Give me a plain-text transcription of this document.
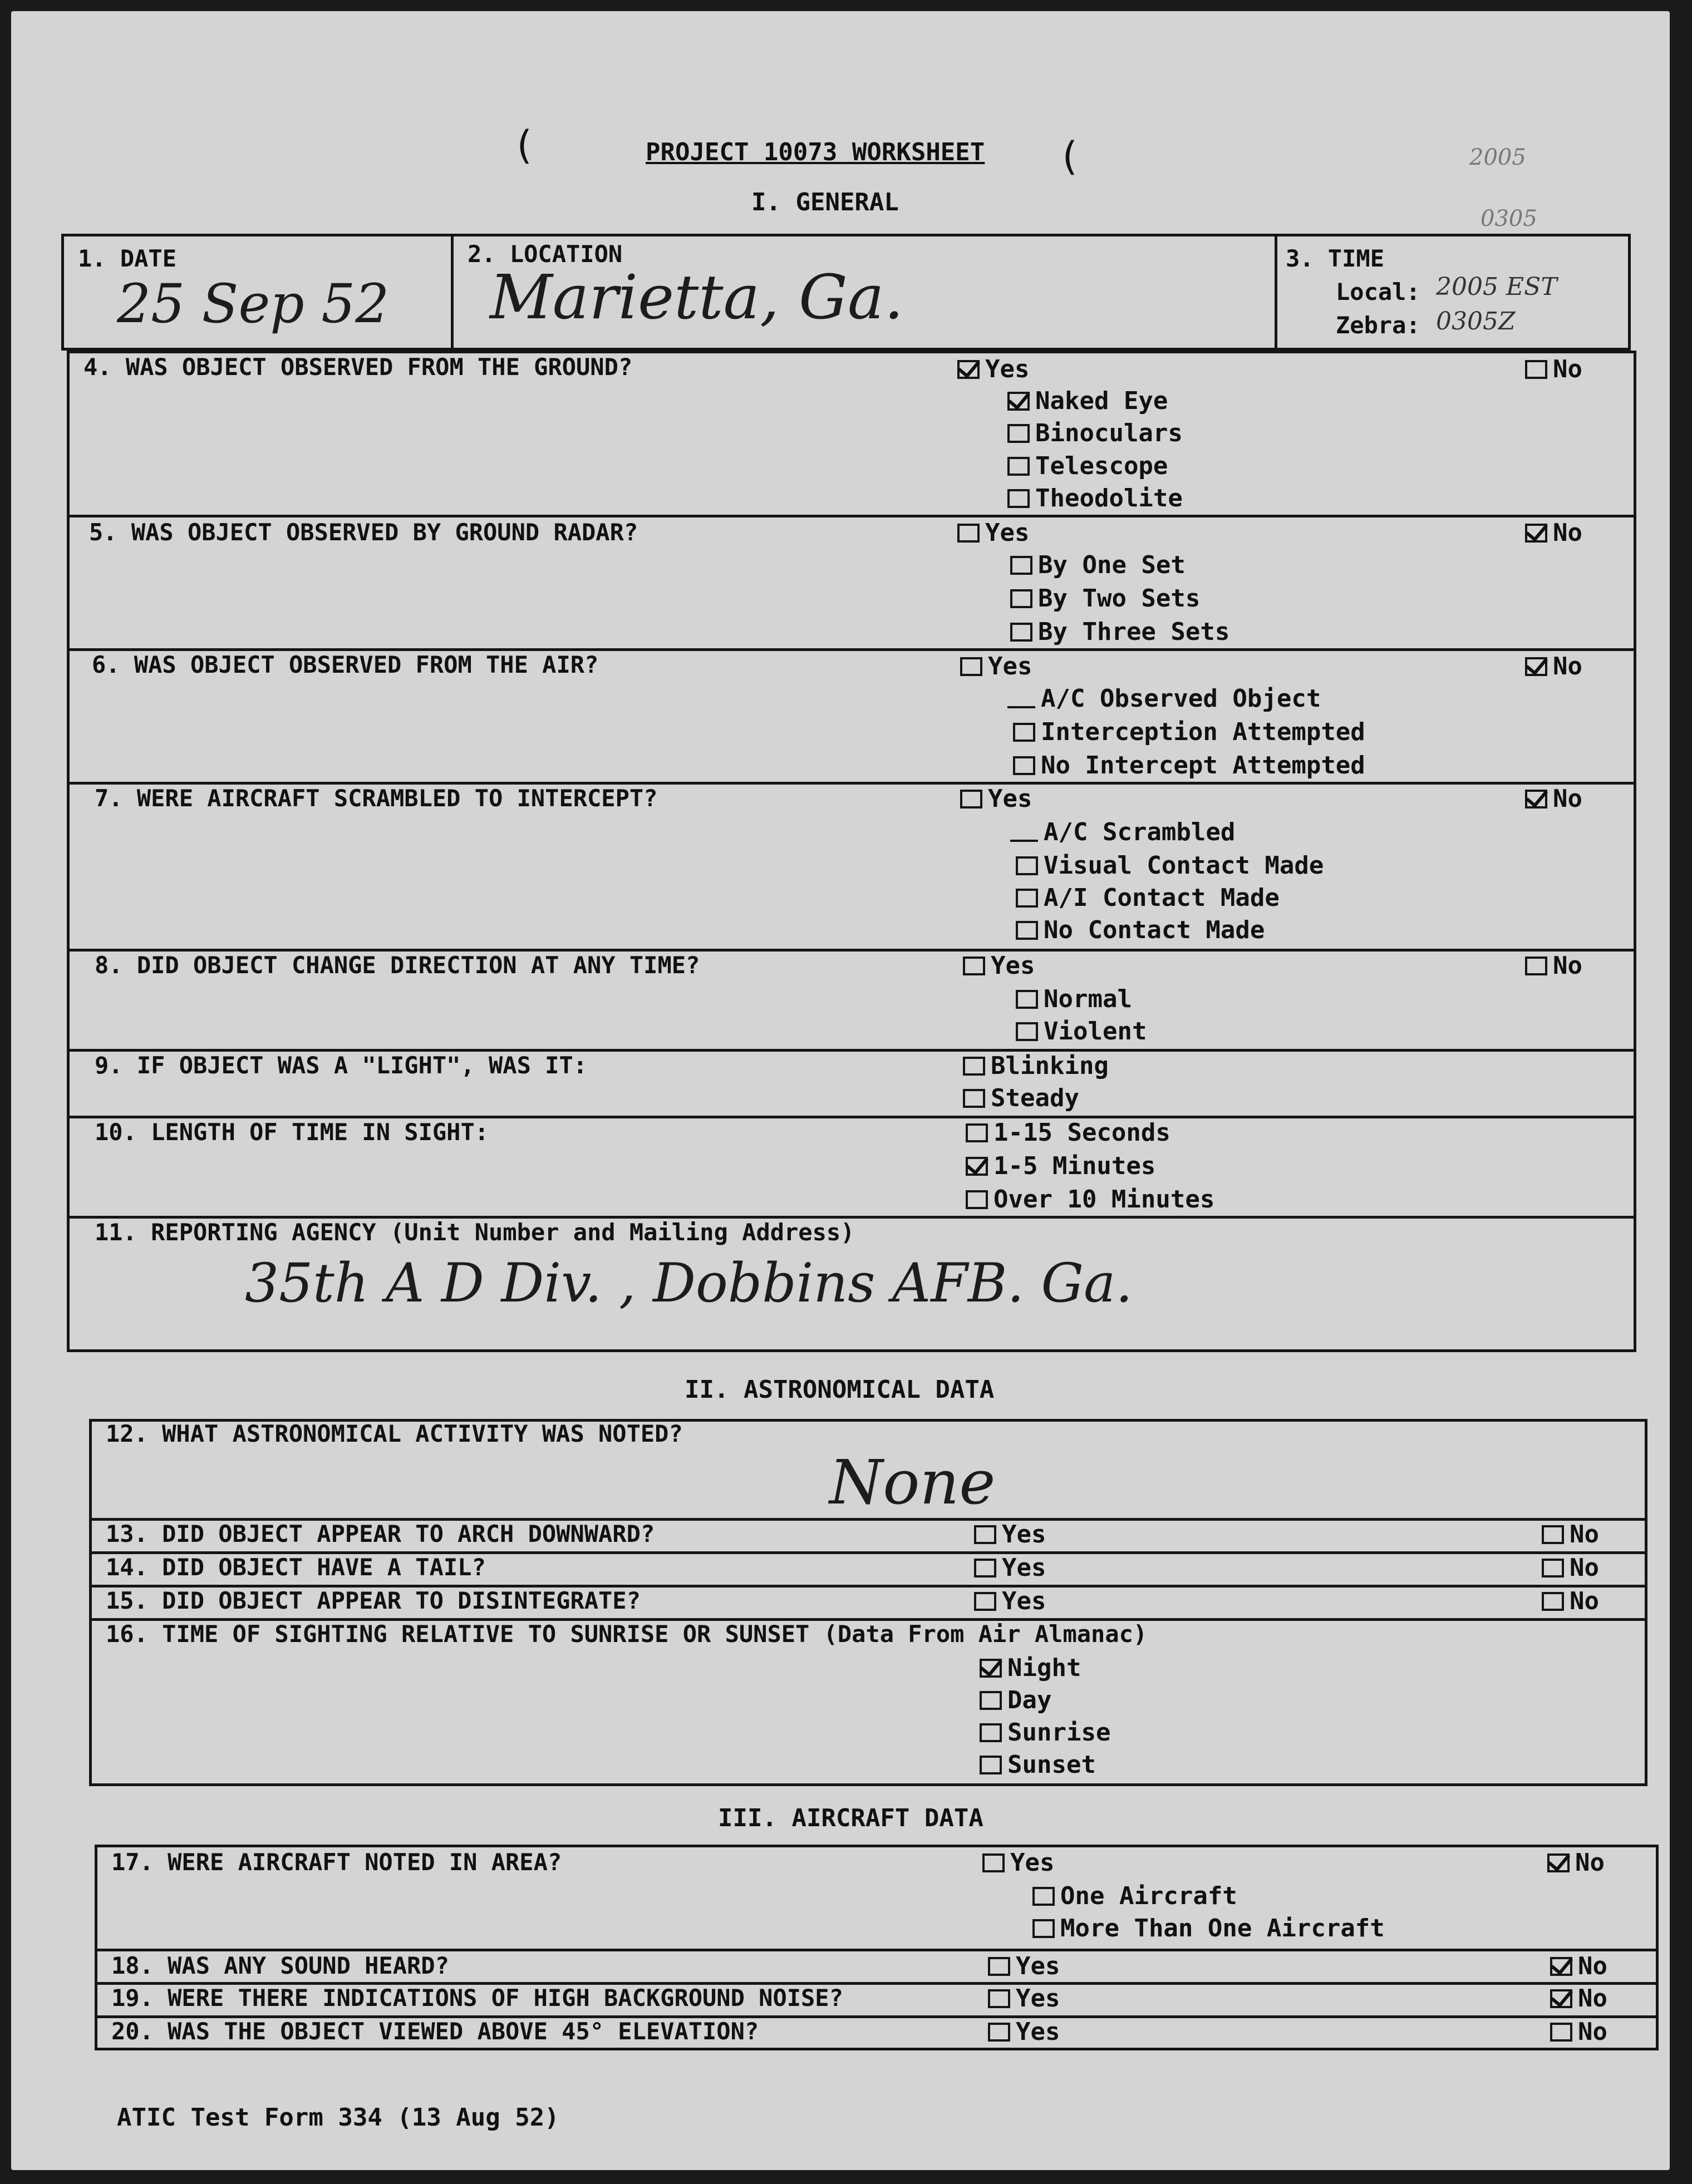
(	PROJECT 10073 WORKSHEET (	2005
0305
I. GENERAL
1. DATE
25 Sep 52
2. LOCATION
Marietta, Ga.
3. TIME
Local: 2005 EST
Zebra: 0305Z
4. WAS OBJECT OBSERVED FROM THE GROUND?	Yes	No
Naked Eye
Binoculars
Telescope
Theodolite
5. WAS OBJECT OBSERVED BY GROUND RADAR?	Yes	No
By One Set
By Two Sets
By Three Sets
6. WAS OBJECT OBSERVED FROM THE AIR?	Yes	No
A/C Observed Object
Interception Attempted
No Intercept Attempted
7. WERE AIRCRAFT SCRAMBLED TO INTERCEPT?	Yes	No
A/C Scrambled
Visual Contact Made
A/I Contact Made
No Contact Made
8. DID OBJECT CHANGE DIRECTION AT ANY TIME?	Yes	No
Normal
Violent
9. IF OBJECT WAS A "LIGHT", WAS IT:	Blinking
Steady
10. LENGTH OF TIME IN SIGHT:	1-15 Seconds
1-5 Minutes
Over 10 Minutes
11. REPORTING AGENCY (Unit Number and Mailing Address)
35th A D Div. , Dobbins AFB. Ga.
II. ASTRONOMICAL DATA
12. WHAT ASTRONOMICAL ACTIVITY WAS NOTED?
None
13. DID OBJECT APPEAR TO ARCH DOWNWARD?	Yes	No
14. DID OBJECT HAVE A TAIL?	Yes	No
15. DID OBJECT APPEAR TO DISINTEGRATE?	Yes	No
16. TIME OF SIGHTING RELATIVE TO SUNRISE OR SUNSET (Data From Air Almanac)
Night
Day
Sunrise
Sunset
III. AIRCRAFT DATA
17. WERE AIRCRAFT NOTED IN AREA?	Yes	No
One Aircraft
More Than One Aircraft
18. WAS ANY SOUND HEARD?	Yes	No
19. WERE THERE INDICATIONS OF HIGH BACKGROUND NOISE?	Yes	No
20. WAS THE OBJECT VIEWED ABOVE 45° ELEVATION?	Yes	No
ATIC Test Form 334 (13 Aug 52)
